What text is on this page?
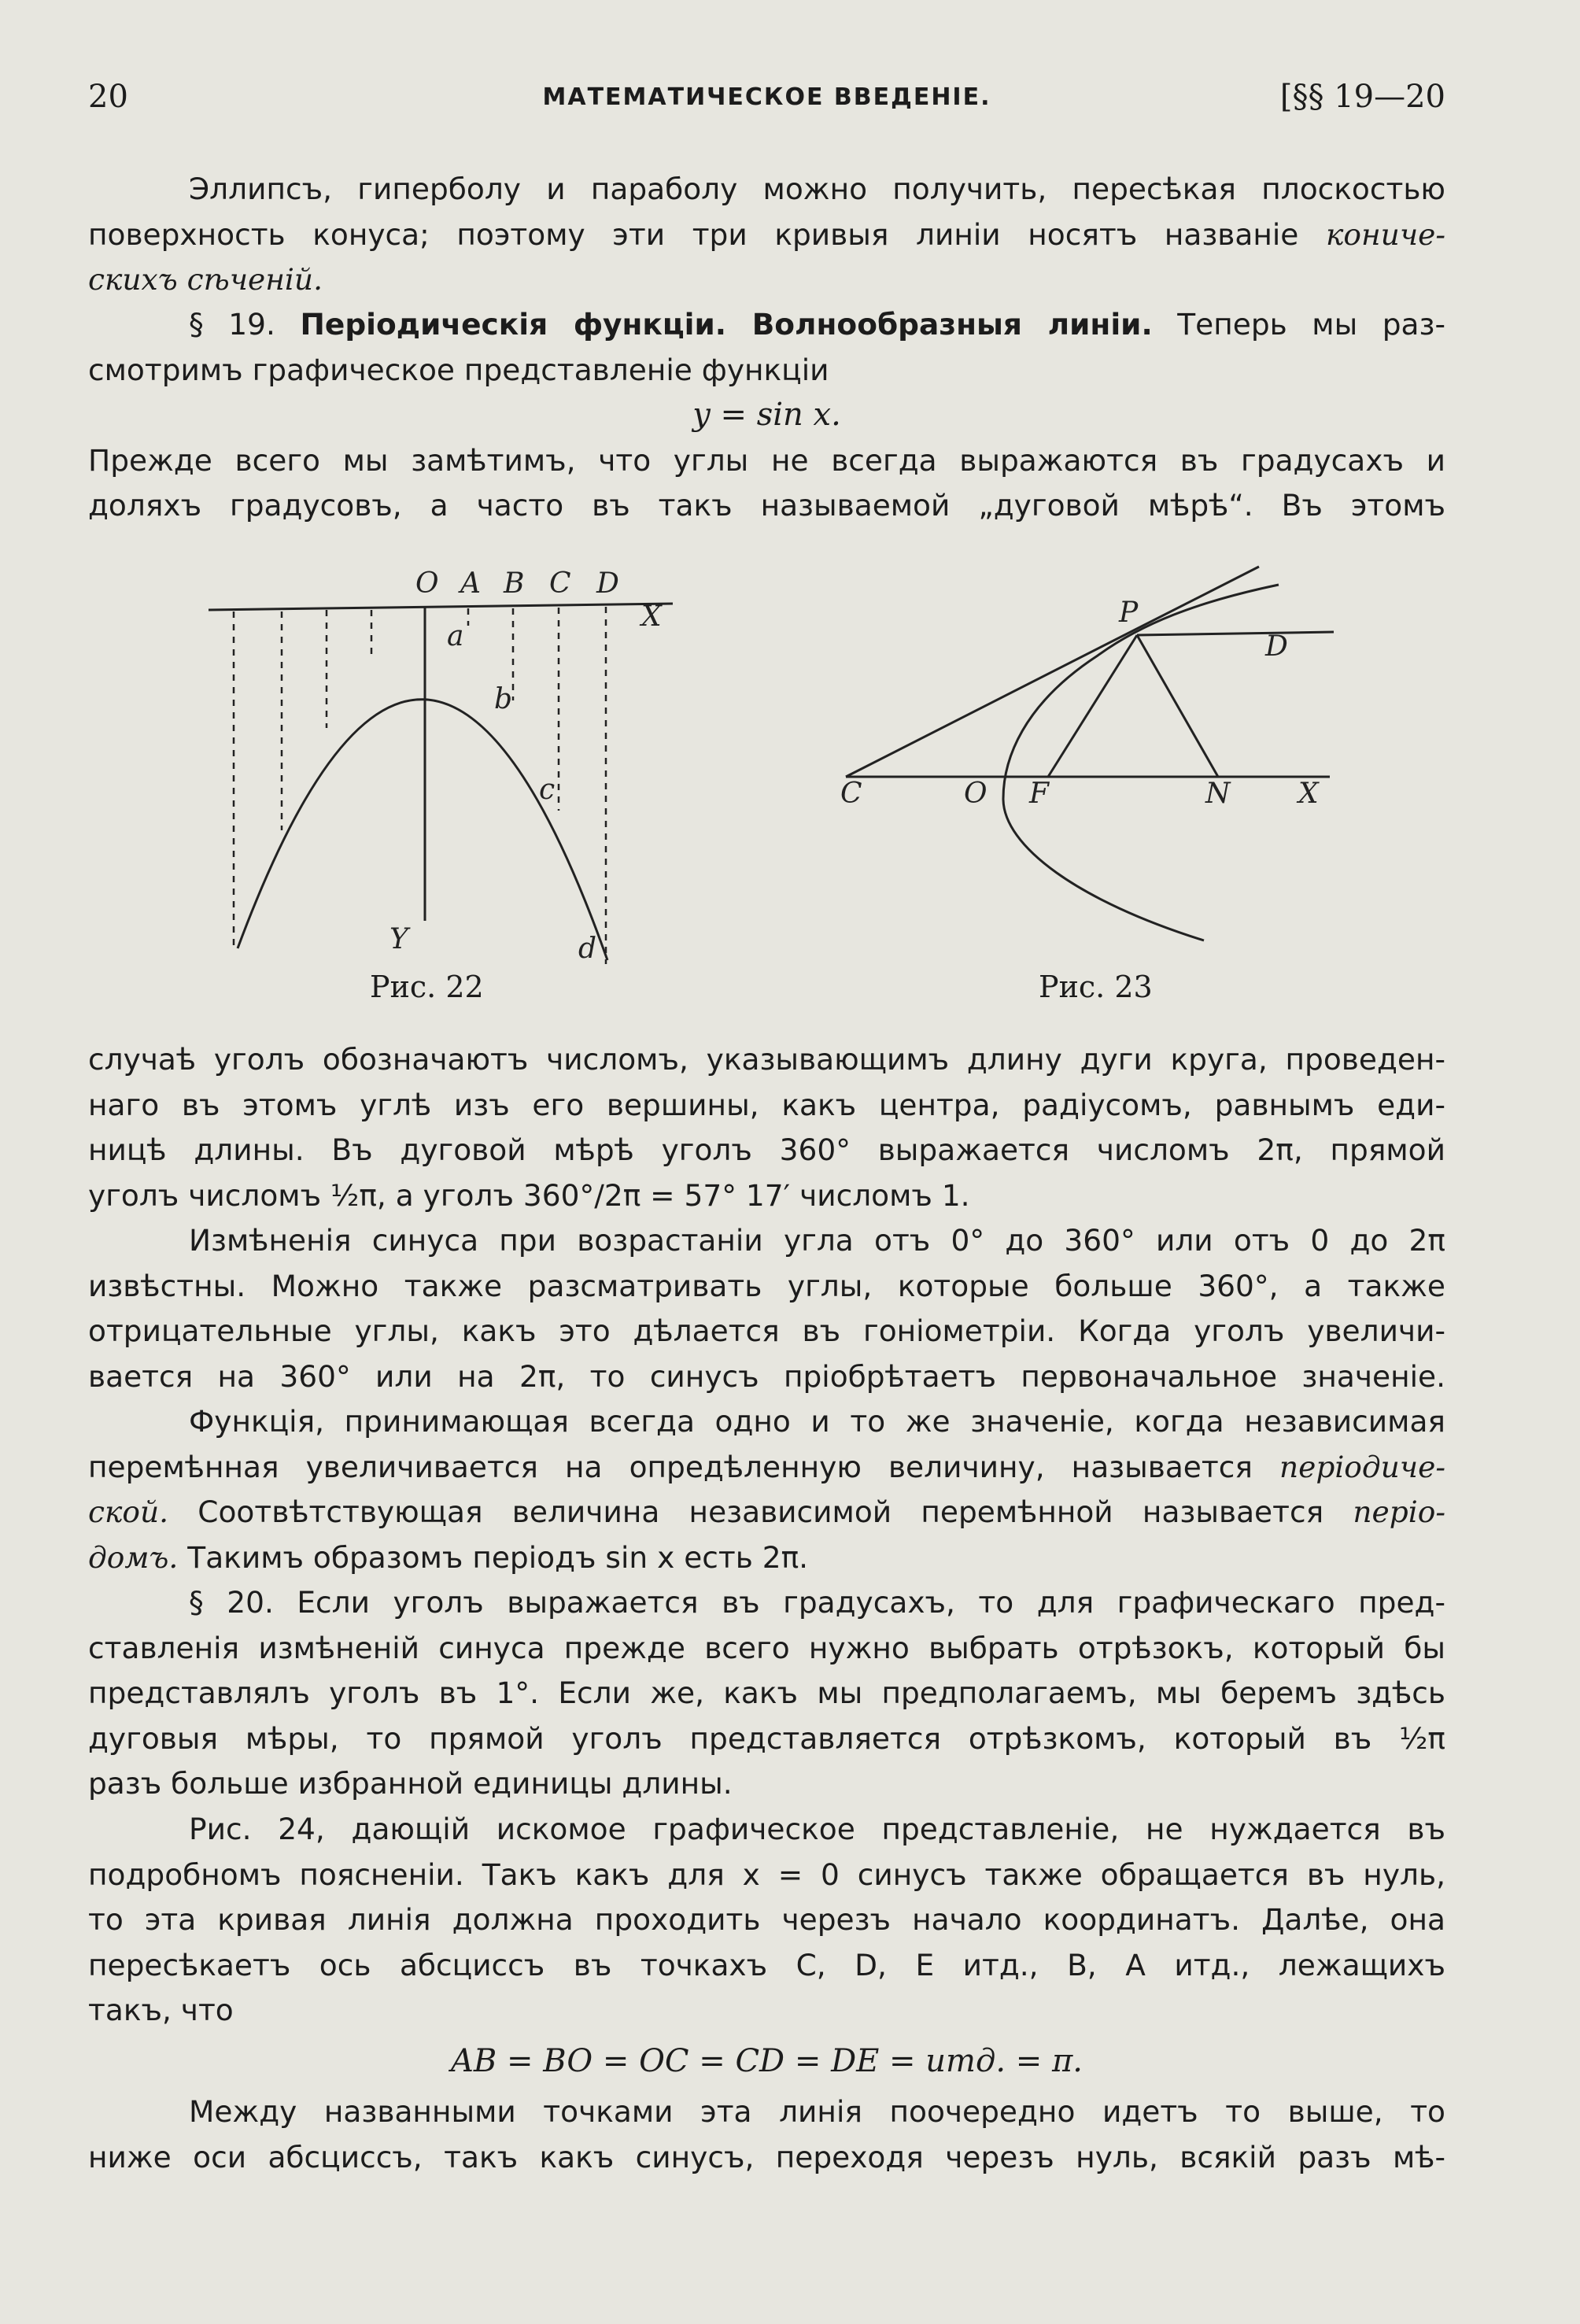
20	МАТЕМАТИЧЕСКОЕ ВВЕДЕНІЕ.	[§§ 19—20
Эллипсъ, гиперболу и параболу можно получить, пересѣкая плоскостью
поверхность конуса; поэтому эти три кривыя линіи носятъ названіе коничe-
скихъ сѣченій.
§ 19. Періодическія функціи. Волнообразныя линіи. Теперь мы раз-
смотримъ графическое представленіе функціи
y = sin x.
Прежде всего мы замѣтимъ, что углы не всегда выражаются въ градусахъ и
доляхъ градусовъ, а часто въ такъ называемой „дуговой мѣрѣ“. Въ этомъ
O A B C D
X
Y
a
b
c
d
Рис. 22
P
D
C	O F	N X
Рис. 23
случаѣ уголъ обозначаютъ числомъ, указывающимъ длину дуги круга, проведен-
наго въ этомъ углѣ изъ его вершины, какъ центра, радіусомъ, равнымъ еди-
ницѣ длины. Въ дуговой мѣрѣ уголъ 360° выражается числомъ 2π, прямой
уголъ числомъ ½π, а уголъ 360°/2π = 57° 17′ числомъ 1.
Измѣненія синуса при возрастаніи угла отъ 0° до 360° или отъ 0 до 2π
извѣстны. Можно также разсматривать углы, которые больше 360°, а также
отрицательные углы, какъ это дѣлается въ гоніометріи. Когда уголъ увеличи-
вается на 360° или на 2π, то синусъ пріобрѣтаетъ первоначальное значеніе.
Функція, принимающая всегда одно и то же значеніе, когда независимая
перемѣнная увеличивается на опредѣленную величину, называется періодиче-
ской. Соотвѣтствующая величина независимой перемѣнной называется періо-
домъ. Такимъ образомъ періодъ sin x есть 2π.
§ 20. Если уголъ выражается въ градусахъ, то для графическаго пред-
ставленія измѣненій синуса прежде всего нужно выбрать отрѣзокъ, который бы
представлялъ уголъ въ 1°. Если же, какъ мы предполагаемъ, мы беремъ здѣсь
дуговыя мѣры, то прямой уголъ представляется отрѣзкомъ, который въ ½π
разъ больше избранной единицы длины.
Рис. 24, дающій искомое графическое представленіе, не нуждается въ
подробномъ поясненіи. Такъ какъ для x = 0 синусъ также обращается въ нуль,
то эта кривая линія должна проходить черезъ начало координатъ. Далѣе, она
пересѣкаетъ ось абсциссъ въ точкахъ C, D, E итд., B, A итд., лежащихъ
такъ, что
AB = BO = OC = CD = DE = итд. = π.
Между названными точками эта линія поочередно идетъ то выше, то
ниже оси абсциссъ, такъ какъ синусъ, переходя черезъ нуль, всякій разъ мѣ-
